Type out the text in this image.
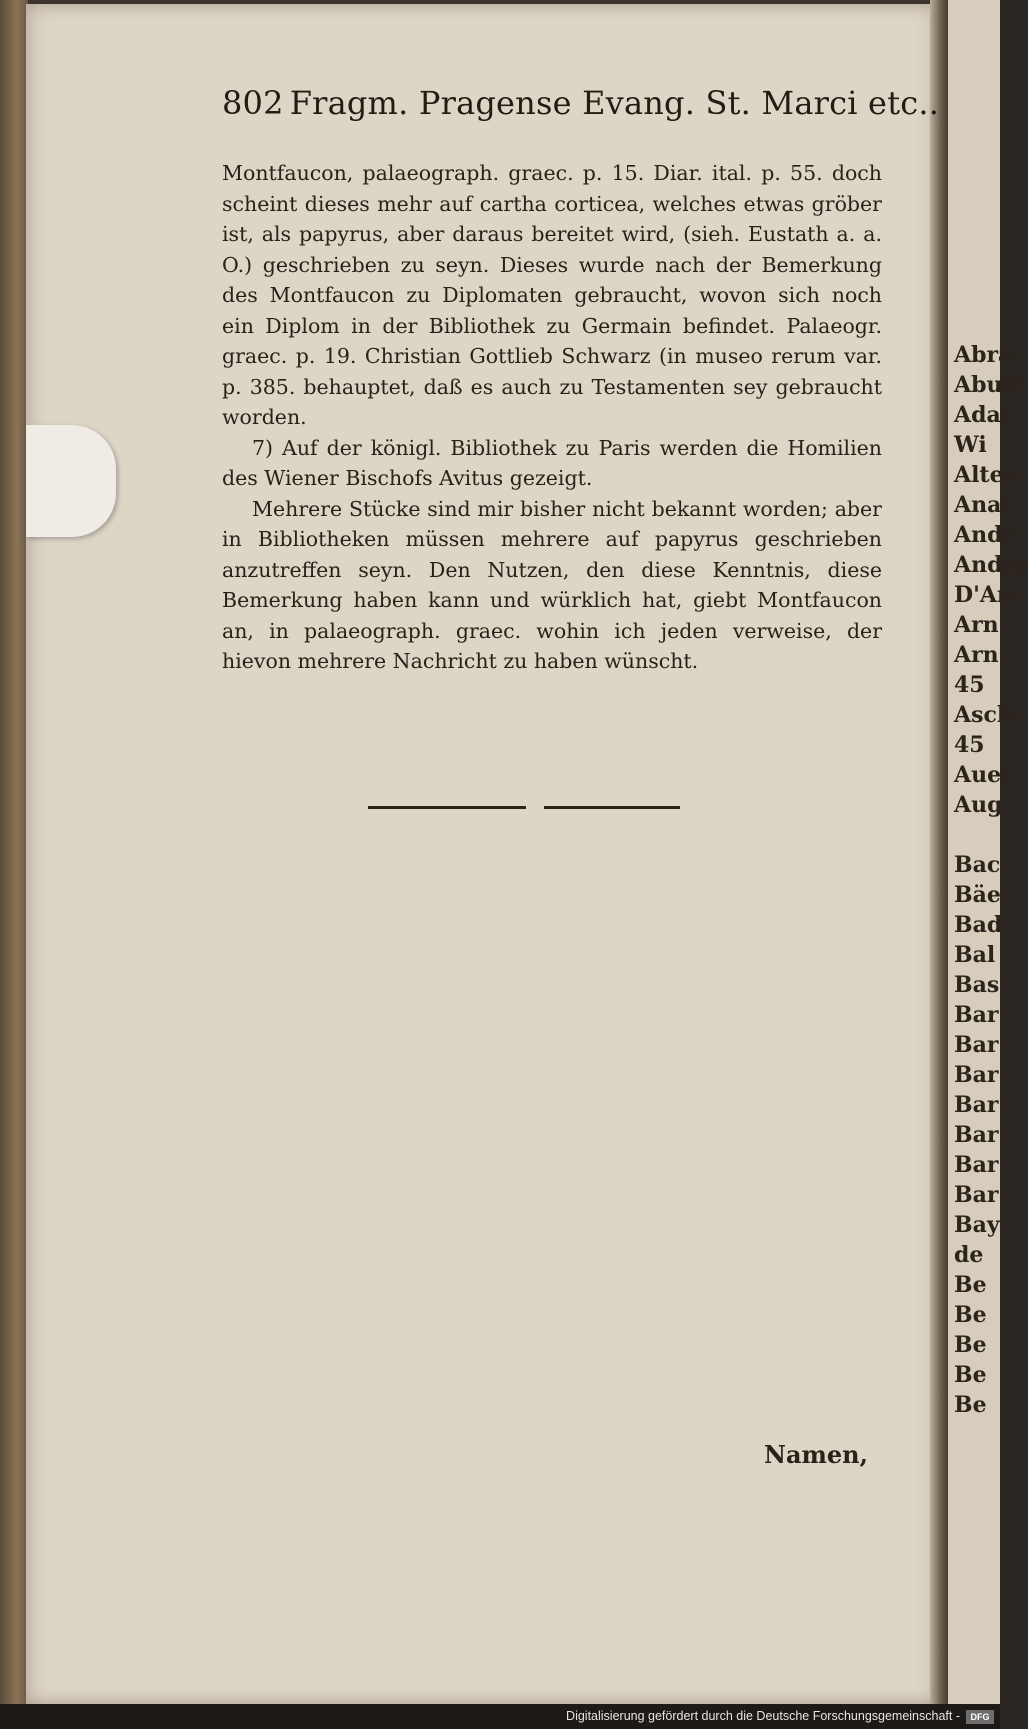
Abra
Abulf
Adar
Wi
Alter
Anal
Andr
Andre
D'An
Arn
Arn
45
Asch
45
Auer
Aug
Bac
Bäe
Bad
Bal
Bas
Bar
Bar
Bar
Bar
Bar
Bar
Bar
Bay
de
Be
Be
Be
Be
Be
802 Fragm. Pragense Evang. St. Marci etc..

Montfaucon, palaeograph. graec. p. 15. Diar. ital. p. 55. doch scheint dieses mehr auf cartha corticea, welches etwas gröber ist, als papyrus, aber daraus bereitet wird, (sieh. Eustath a. a. O.) geschrieben zu seyn. Dieses wurde nach der Bemerkung des Montfaucon zu Diplomaten gebraucht, wovon sich noch ein Diplom in der Bibliothek zu Germain befindet. Palaeogr. graec. p. 19. Christian Gottlieb Schwarz (in museo rerum var. p. 385. behauptet, daß es auch zu Testamenten sey gebraucht worden.

7) Auf der königl. Bibliothek zu Paris werden die Homilien des Wiener Bischofs Avitus gezeigt.

Mehrere Stücke sind mir bisher nicht bekannt worden; aber in Bibliotheken müssen mehrere auf papyrus geschrieben anzutreffen seyn. Den Nutzen, den diese Kenntnis, diese Bemerkung haben kann und würklich hat, giebt Montfaucon an, in palaeograph. graec. wohin ich jeden verweise, der hievon mehrere Nachricht zu haben wünscht.

Namen,
Digitalisierung gefördert durch die Deutsche Forschungsgemeinschaft -	DFG
